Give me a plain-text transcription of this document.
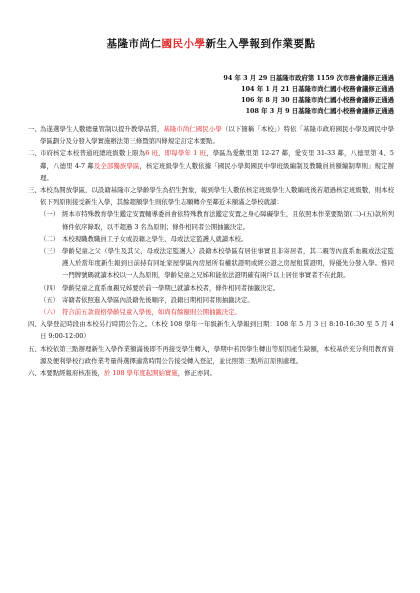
基隆市尚仁國民小學新生入學報到作業要點
94 年 3 月 29 日基隆市政府第 1159 次市務會議修正通過
104 年 1 月 21 日基隆市尚仁國小校務會議修正通過
106 年 8 月 30 日基隆市尚仁國小校務會議修正通過
108 年 3 月 9 日基隆市尚仁國小校務會議修正通過
一、 為遂選學生人數總量管制以提升教學品質，基隆市尚仁國民小學（以下簡稱「本校」）特依「基隆市政府國民小學及國民中學學區劃分及分發入學實施辦法第三條暨第四條規定訂定本要點。
二、 市府核定本校普通班總班級數上限為6 班、即每學年 1 班，學區為愛歡里第 12-27 鄰，愛安里 31-33 鄰，八德里第 4、5 鄰，八德里 4-7 鄰及全部獨族學區，核定班級學生人數依據「國民小學與國民中學班級編制及教職員員額編制準則」規定辦理。
三、 本校為開放學區，以設籍基隆市之學齡學生為招生對象，報到學生人數依核定班級學生人數編班後若超過核定班級數，則本校依下列原則接受新生入學，其餘超額學生則依學生志願轉介至鄰近未額滿之學校就讀：
（一） 經本市特殊教育學生鑑定安置輔導委員會依特殊教育法鑑定安置之身心障礙學生，且依照本作業要點第(二)-(五)款所列條件依序錄取，以不超過 3 名為原則；條件相同者公開抽籤決定。
（二） 本校現職教職員工子女或設籍之學生、母或法定監護人就讀本校。
（三） 學齡兒童之父（學生及其父、母或法定監護人）設籍本校學區有居住事實且非寄居者，其二親等內直系血親或法定監護人於當年度新生報到日前持有同址家屋學區內房屋所有權狀證明或經公證之房屋租賃證明，得優先分發入學。惟同一門牌號碼就讀本校以一人為原則，學齡兒童之兄姊和能依法證明確有兩戶以上居住事實者不在此限。
（四） 學齡兒童之直系血親兄姊要於前一學期已就讀本校者，條件相同者抽籤決定。
（五） 寄籍者依照進入學區內設籍先後順序，設籍日期相同者則抽籤決定。
（六） 符合前五款資格學齡兒童入學後，如尚有餘額則公開抽籤決定。
四、 入學登記時段由本校另行時間公告之。（本校 108 學年一年級新生入學報到日期：108 年 5 月 3 日 8:10-16:30 至 5 月 4 日 9:00-12:00）
五、 本校依第三點辦理新生入學作業額滿後即不再接受學生轉入，學期中若因學生轉出等原因產生缺額，本校基於充分利用教育資源及便利學校行政作業考量得選擇適當時間公告接受轉入登記，並比照第三點所訂原則處理。
六、 本要點經報府核准後，於 108 學年度起開始實施，修正亦同。
